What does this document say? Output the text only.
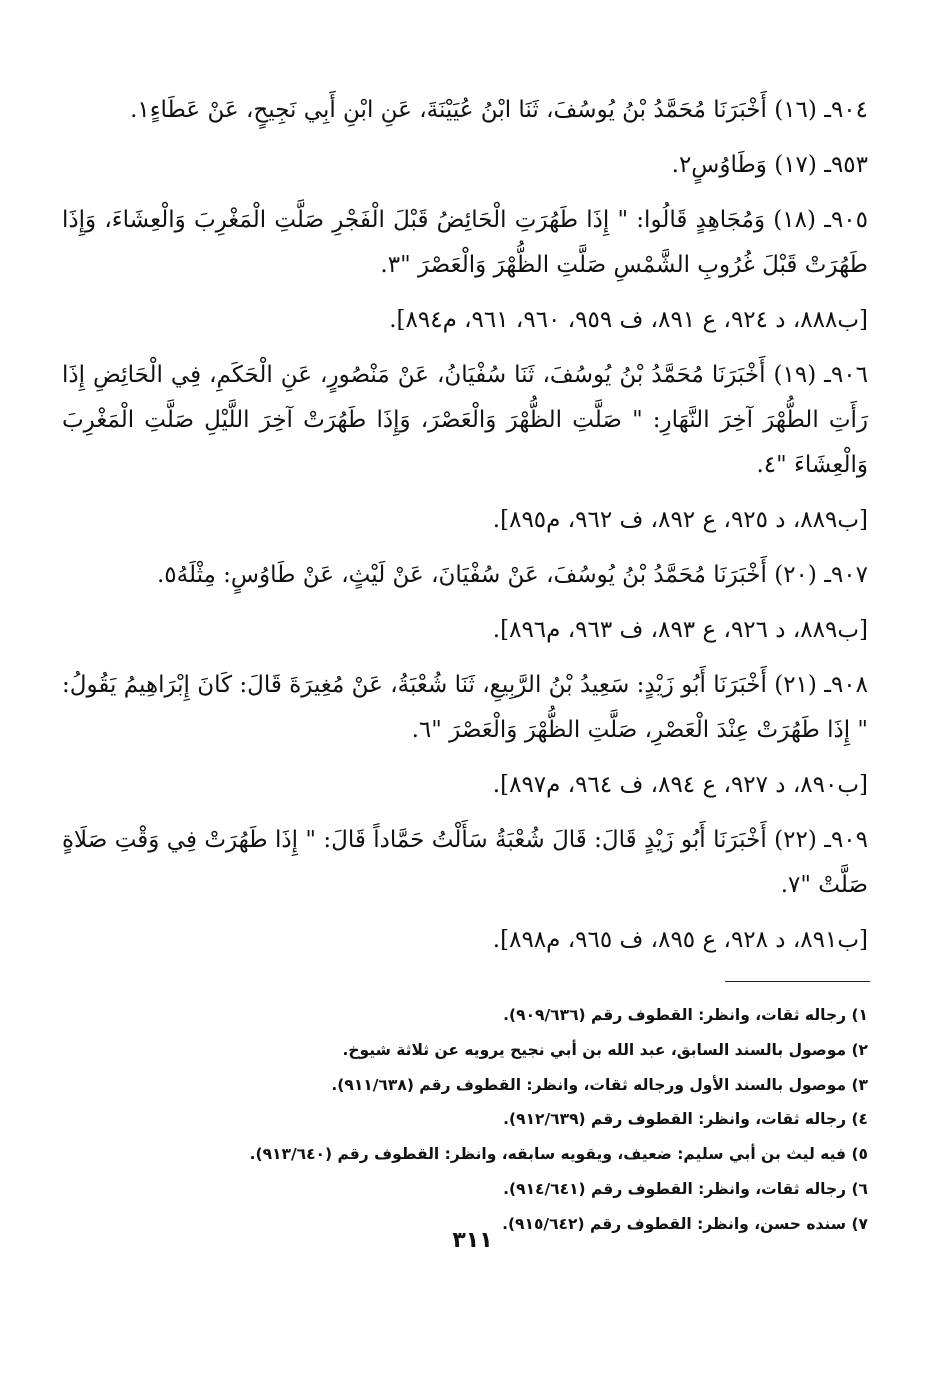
٩٠٤ـ (١٦) أَخْبَرَنَا مُحَمَّدُ بْنُ يُوسُفَ، ثَنَا ابْنُ عُيَيْنَةَ، عَنِ ابْنِ أَبِي نَجِيحٍ، عَنْ عَطَاءٍ١.

٩٥٣ـ (١٧) وَطَاوُسٍ٢.

٩٠٥ـ (١٨) وَمُجَاهِدٍ قَالُوا: " إِذَا طَهُرَتِ الْحَائِضُ قَبْلَ الْفَجْرِ صَلَّتِ الْمَغْرِبَ وَالْعِشَاءَ، وَإِذَا طَهُرَتْ قَبْلَ غُرُوبِ الشَّمْسِ صَلَّتِ الظُّهْرَ وَالْعَصْرَ "٣.

[ب٨٨٨، د ٩٢٤، ع ٨٩١، ف ٩٥٩، ٩٦٠، ٩٦١، م٨٩٤].

٩٠٦ـ (١٩) أَخْبَرَنَا مُحَمَّدُ بْنُ يُوسُفَ، ثَنَا سُفْيَانُ، عَنْ مَنْصُورٍ، عَنِ الْحَكَمِ، فِي الْحَائِضِ إِذَا رَأَتِ الطُّهْرَ آخِرَ النَّهَارِ: " صَلَّتِ الظُّهْرَ وَالْعَصْرَ، وَإِذَا طَهُرَتْ آخِرَ اللَّيْلِ صَلَّتِ الْمَغْرِبَ وَالْعِشَاءَ "٤.

[ب٨٨٩، د ٩٢٥، ع ٨٩٢، ف ٩٦٢، م٨٩٥].

٩٠٧ـ (٢٠) أَخْبَرَنَا مُحَمَّدُ بْنُ يُوسُفَ، عَنْ سُفْيَانَ، عَنْ لَيْثٍ، عَنْ طَاوُسٍ: مِثْلَهُ٥.

[ب٨٨٩، د ٩٢٦، ع ٨٩٣، ف ٩٦٣، م٨٩٦].

٩٠٨ـ (٢١) أَخْبَرَنَا أَبُو زَيْدٍ: سَعِيدُ بْنُ الرَّبِيعِ، ثَنَا شُعْبَةُ، عَنْ مُغِيرَةَ قَالَ: كَانَ إِبْرَاهِيمُ يَقُولُ: " إِذَا طَهُرَتْ عِنْدَ الْعَصْرِ، صَلَّتِ الظُّهْرَ وَالْعَصْرَ "٦.

[ب٨٩٠، د ٩٢٧، ع ٨٩٤، ف ٩٦٤، م٨٩٧].

٩٠٩ـ (٢٢) أَخْبَرَنَا أَبُو زَيْدٍ قَالَ: قَالَ شُعْبَةُ سَأَلْتُ حَمَّاداً قَالَ: " إِذَا طَهُرَتْ فِي وَقْتِ صَلَاةٍ صَلَّتْ "٧.

[ب٨٩١، د ٩٢٨، ع ٨٩٥، ف ٩٦٥، م٨٩٨].

١) رجاله ثقات، وانظر: القطوف رقم (٩٠٩/٦٣٦).

٢) موصول بالسند السابق، عبد الله بن أبي نجيح يرويه عن ثلاثة شيوخ.

٣) موصول بالسند الأول ورجاله ثقات، وانظر: القطوف رقم (٩١١/٦٣٨).

٤) رجاله ثقات، وانظر: القطوف رقم (٩١٢/٦٣٩).

٥) فيه ليث بن أبي سليم: ضعيف، ويقويه سابقه، وانظر: القطوف رقم (٩١٣/٦٤٠).

٦) رجاله ثقات، وانظر: القطوف رقم (٩١٤/٦٤١).

٧) سنده حسن، وانظر: القطوف رقم (٩١٥/٦٤٢).

٣١١
